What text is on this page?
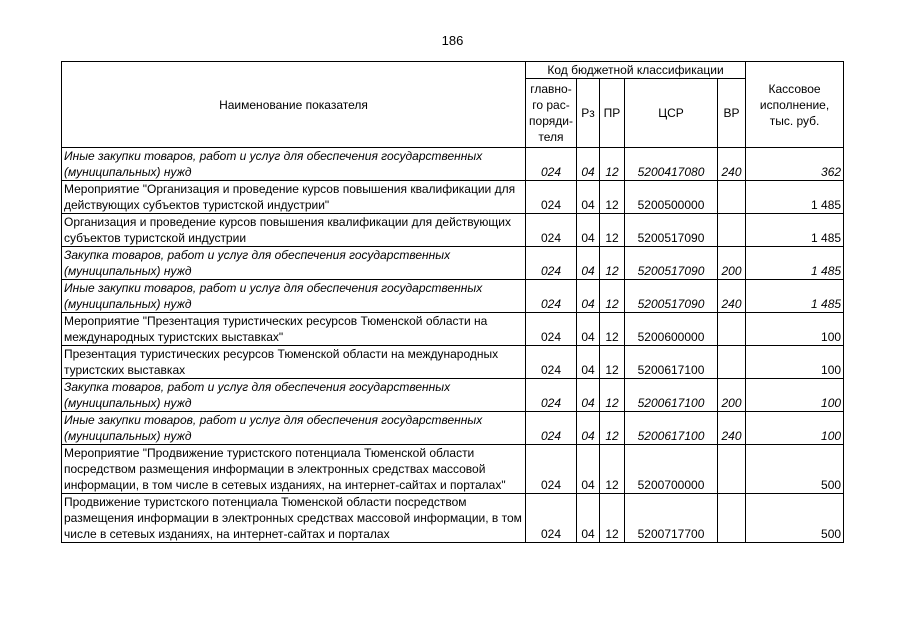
186
Наименование показателя	Код бюджетной классификации					Кассовое исполнение, тыс. руб.
	главно-го рас-поряди-теля	Рз	ПР	ЦСР	ВР	
Иные закупки товаров, работ и услуг для обеспечения государственных (муниципальных) нужд	024	04	12	5200417080	240	362
Мероприятие "Организация и проведение курсов повышения квалификации для действующих субъектов туристской индустрии"	024	04	12	5200500000		1 485
Организация и проведение курсов повышения квалификации для действующих субъектов туристской индустрии	024	04	12	5200517090		1 485
Закупка товаров, работ и услуг для обеспечения государственных (муниципальных) нужд	024	04	12	5200517090	200	1 485
Иные закупки товаров, работ и услуг для обеспечения государственных (муниципальных) нужд	024	04	12	5200517090	240	1 485
Мероприятие "Презентация туристических ресурсов Тюменской области на международных туристских выставках"	024	04	12	5200600000		100
Презентация туристических ресурсов Тюменской области на международных туристских выставках	024	04	12	5200617100		100
Закупка товаров, работ и услуг для обеспечения государственных (муниципальных) нужд	024	04	12	5200617100	200	100
Иные закупки товаров, работ и услуг для обеспечения государственных (муниципальных) нужд	024	04	12	5200617100	240	100
Мероприятие "Продвижение туристского потенциала Тюменской области посредством размещения информации в электронных средствах массовой информации, в том числе в сетевых изданиях, на интернет-сайтах и порталах"	024	04	12	5200700000		500
Продвижение туристского потенциала Тюменской области посредством размещения информации в электронных средствах массовой информации, в том числе в сетевых изданиях, на интернет-сайтах и порталах	024	04	12	5200717700		500
